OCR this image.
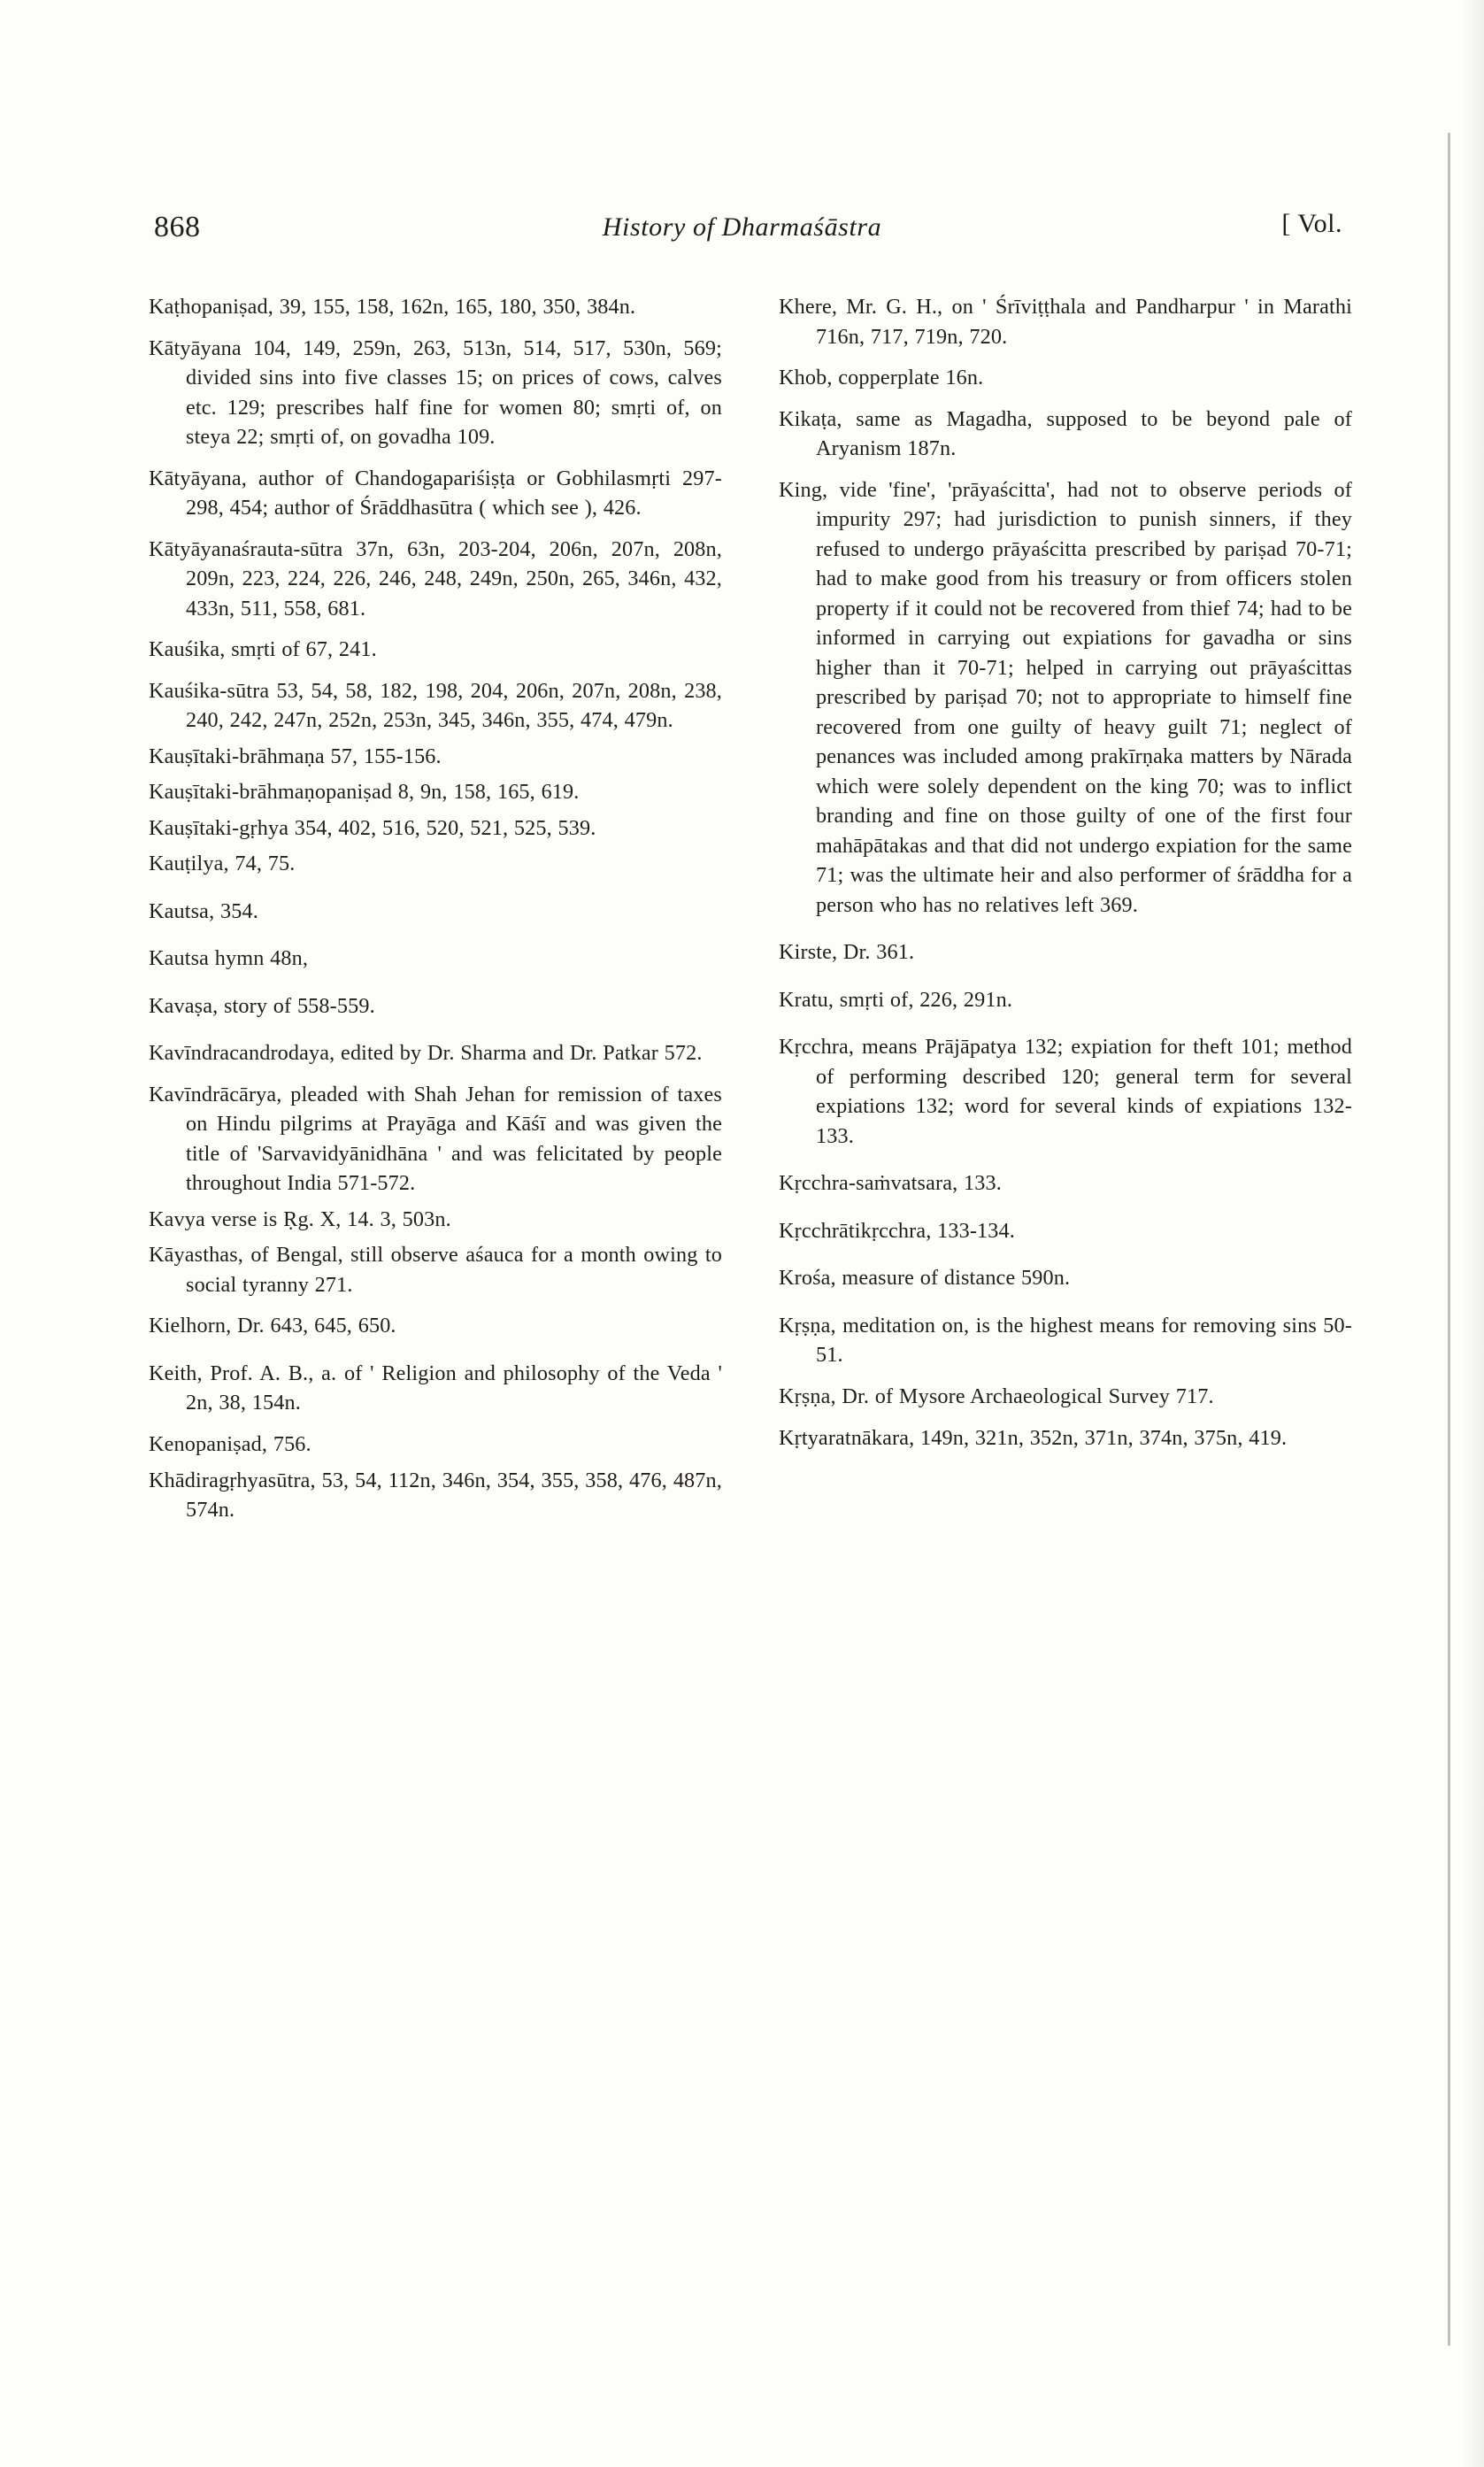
868	History of Dharmaśāstra	[ Vol.
Kaṭhopaniṣad, 39, 155, 158, 162n, 165, 180, 350, 384n.
Kātyāyana 104, 149, 259n, 263, 513n, 514, 517, 530n, 569; divided sins into five classes 15; on prices of cows, calves etc. 129; prescribes half fine for women 80; smṛti of, on steya 22; smṛti of, on govadha 109.
Kātyāyana, author of Chandogapariśiṣṭa or Gobhilasmṛti 297-298, 454; author of Śrāddhasūtra ( which see ), 426.
Kātyāyanaśrauta-sūtra 37n, 63n, 203-204, 206n, 207n, 208n, 209n, 223, 224, 226, 246, 248, 249n, 250n, 265, 346n, 432, 433n, 511, 558, 681.
Kauśika, smṛti of 67, 241.
Kauśika-sūtra 53, 54, 58, 182, 198, 204, 206n, 207n, 208n, 238, 240, 242, 247n, 252n, 253n, 345, 346n, 355, 474, 479n.
Kauṣītaki-brāhmaṇa 57, 155-156.
Kauṣītaki-brāhmaṇopaniṣad 8, 9n, 158, 165, 619.
Kauṣītaki-gṛhya 354, 402, 516, 520, 521, 525, 539.
Kauṭilya, 74, 75.
Kautsa, 354.
Kautsa hymn 48n,
Kavaṣa, story of 558-559.
Kavīndracandrodaya, edited by Dr. Sharma and Dr. Patkar 572.
Kavīndrācārya, pleaded with Shah Jehan for remission of taxes on Hindu pilgrims at Prayāga and Kāśī and was given the title of 'Sarvavidyānidhāna ' and was felicitated by people throughout India 571-572.
Kavya verse is Ṛg. X, 14. 3, 503n.
Kāyasthas, of Bengal, still observe aśauca for a month owing to social tyranny 271.
Kielhorn, Dr. 643, 645, 650.
Keith, Prof. A. B., a. of ' Religion and philosophy of the Veda ' 2n, 38, 154n.
Kenopaniṣad, 756.
Khādiragṛhyasūtra, 53, 54, 112n, 346n, 354, 355, 358, 476, 487n, 574n.
Khere, Mr. G. H., on ' Śrīviṭṭhala and Pandharpur ' in Marathi 716n, 717, 719n, 720.
Khob, copperplate 16n.
Kikaṭa, same as Magadha, supposed to be beyond pale of Aryanism 187n.
King, vide 'fine', 'prāyaścitta', had not to observe periods of impurity 297; had jurisdiction to punish sinners, if they refused to undergo prāyaścitta prescribed by pariṣad 70-71; had to make good from his treasury or from officers stolen property if it could not be recovered from thief 74; had to be informed in carrying out expiations for gavadha or sins higher than it 70-71; helped in carrying out prāyaścittas prescribed by pariṣad 70; not to appropriate to himself fine recovered from one guilty of heavy guilt 71; neglect of penances was included among prakīrṇaka matters by Nārada which were solely dependent on the king 70; was to inflict branding and fine on those guilty of one of the first four mahāpātakas and that did not undergo expiation for the same 71; was the ultimate heir and also performer of śrāddha for a person who has no relatives left 369.
Kirste, Dr. 361.
Kratu, smṛti of, 226, 291n.
Kṛcchra, means Prājāpatya 132; expiation for theft 101; method of performing described 120; general term for several expiations 132; word for several kinds of expiations 132-133.
Kṛcchra-saṁvatsara, 133.
Kṛcchrātikṛcchra, 133-134.
Krośa, measure of distance 590n.
Kṛṣṇa, meditation on, is the highest means for removing sins 50-51.
Kṛṣṇa, Dr. of Mysore Archaeological Survey 717.
Kṛtyaratnākara, 149n, 321n, 352n, 371n, 374n, 375n, 419.
